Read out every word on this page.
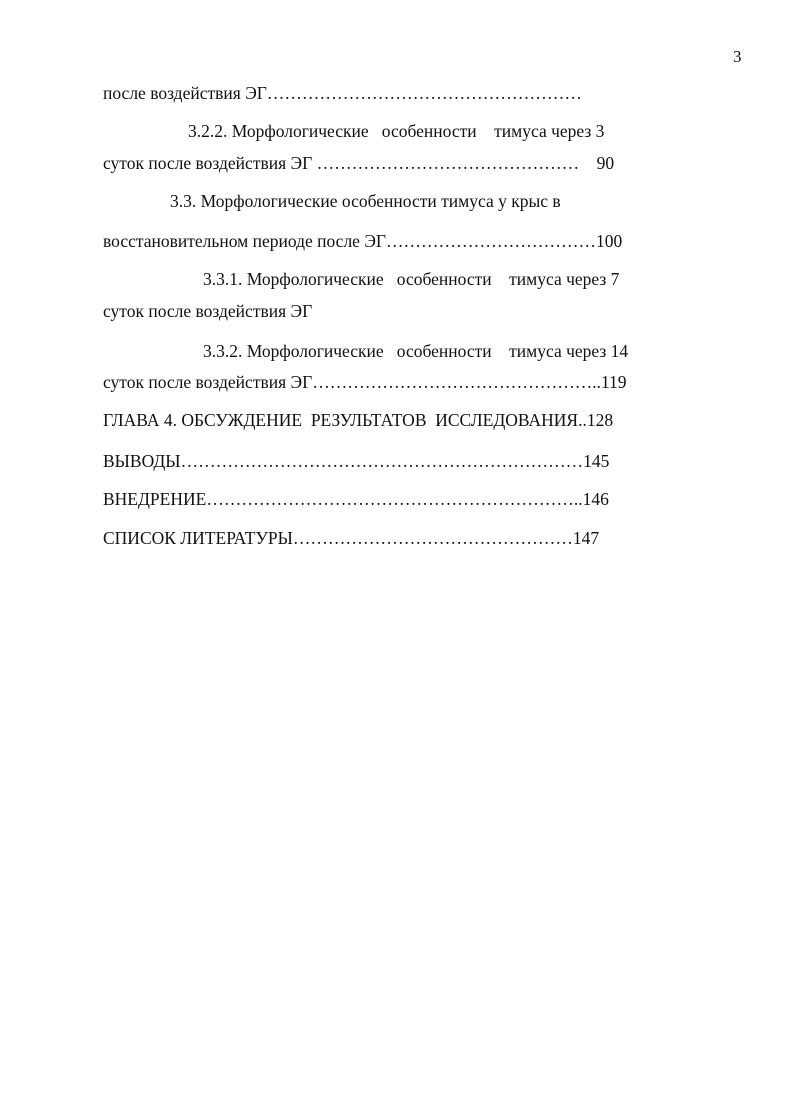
3
после воздействия ЭГ………………………………………………
3.2.2. Морфологические   особенности    тимуса через 3
суток после воздействия ЭГ ………………………………………    90
3.3. Морфологические особенности тимуса у крыс в
восстановительном периоде после ЭГ………………………………100
3.3.1. Морфологические   особенности    тимуса через 7
суток после воздействия ЭГ
3.3.2. Морфологические   особенности    тимуса через 14
суток после воздействия ЭГ…………………………………………..119
ГЛАВА 4. ОБСУЖДЕНИЕ  РЕЗУЛЬТАТОВ  ИССЛЕДОВАНИЯ..128
ВЫВОДЫ……………………………………………………………145
ВНЕДРЕНИЕ………………………………………………………..146
СПИСОК ЛИТЕРАТУРЫ…………………………………………147
